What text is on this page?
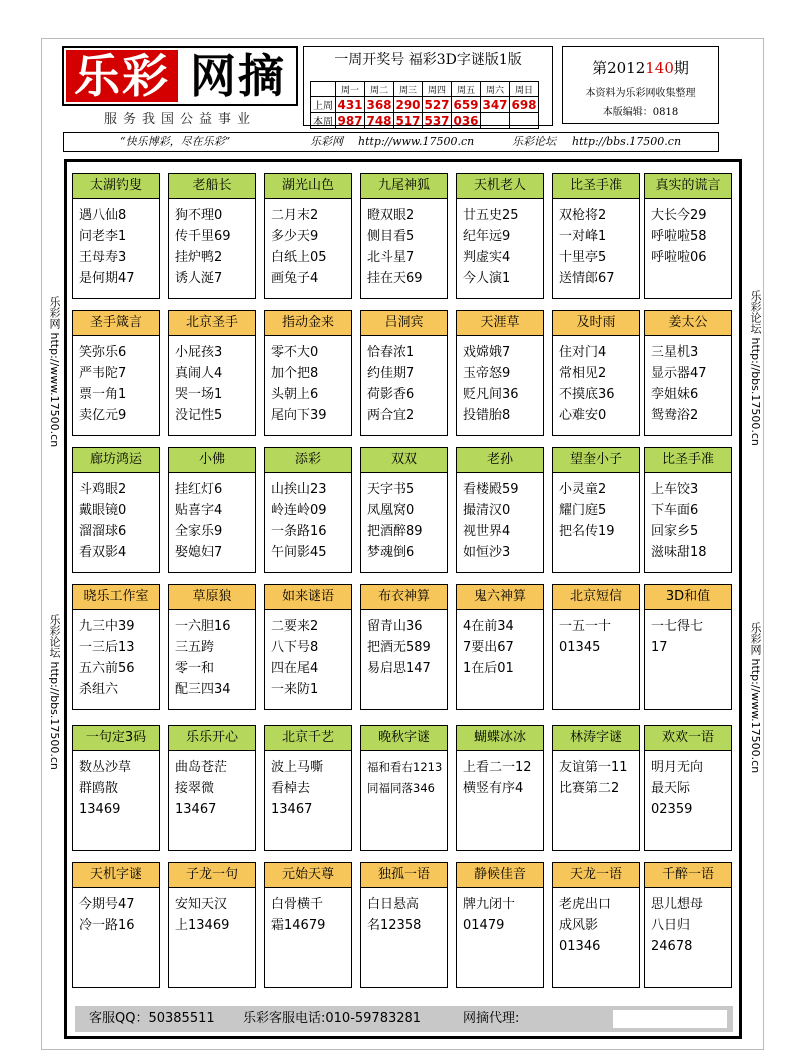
乐彩 网摘
服务我国公益事业
一周开奖号 福彩3D字谜版1版
	周一	周二	周三	周四	周五	周六	周日
上周	431	368	290	527	659	347	698
本周	987	748	517	537	036		
第2012140期
本资料为乐彩网收集整理
本版编辑：0818
“快乐博彩，尽在乐彩”	乐彩网 http://www.17500.cn	乐彩论坛 http://bbs.17500.cn
乐彩网 http://www.17500.cn
乐彩论坛 http://bbs.17500.cn
乐彩论坛 http://bbs.17500.cn
乐彩网 http://www.17500.cn
太湖钓叟
遇八仙8
问老李1
王母寿3
是何期47
老船长
狗不理0
传千里69
挂炉鸭2
诱人涎7
湖光山色
二月末2
多少天9
白纸上05
画兔子4
九尾神狐
瞪双眼2
侧目看5
北斗星7
挂在天69
天机老人
廿五史25
纪年远9
判虚实4
今人演1
比圣手准
双枪将2
一对峰1
十里亭5
送情郎67
真实的谎言
大长今29
呼啦啦58
呼啦啦06
圣手箴言
笑弥乐6
严韦陀7
票一角1
卖亿元9
北京圣手
小屁孩3
真闹人4
哭一场1
没记性5
指动金来
零不大0
加个把8
头朝上6
尾向下39
吕洞宾
恰春浓1
约佳期7
荷影香6
两合宜2
天涯草
戏嫦娥7
玉帝怒9
贬凡间36
投错胎8
及时雨
住对门4
常相见2
不摸底36
心难安0
姜太公
三星机3
显示器47
孪姐妹6
鸳鸯浴2
廊坊鸿运
斗鸡眼2
戴眼镜0
溜溜球6
看双影4
小佛
挂红灯6
贴喜字4
全家乐9
娶媳妇7
添彩
山挨山23
岭连岭09
一条路16
午间影45
双双
天字书5
凤凰窝0
把酒醉89
梦魂倒6
老孙
看楼殿59
撮清汉0
视世界4
如恒沙3
望奎小子
小灵童2
耀门庭5
把名传19
比圣手准
上车饺3
下车面6
回家乡5
滋味甜18
晓乐工作室
九三中39
一三后13
五六前56
杀组六
草原狼
一六胆16
三五跨
零一和
配三四34
如来谜语
二要来2
八下号8
四在尾4
一来防1
布衣神算
留青山36
把酒无589
易启思147
鬼六神算
4在前34
7要出67
1在后01
北京短信
一五一十
01345
3D和值
一七得七
17
一句定3码
数丛沙草
群鸥散
13469
乐乐开心
曲岛苍茫
接翠微
13467
北京千艺
波上马嘶
看棹去
13467
晚秋字谜
福和看右1213
同福同落346
蝴蝶冰冰
上看二一12
横竖有序4
林涛字谜
友谊第一11
比赛第二2
欢欢一语
明月无向
最天际
02359
天机字谜
今期号47
冷一路16
子龙一句
安知天汉
上13469
元始天尊
白骨横千
霜14679
独孤一语
白日悬高
名12358
静候佳音
牌九闭十
01479
天龙一语
老虎出口
成风影
01346
千醉一语
思儿想母
八日归
24678
客服QQ：50385511 乐彩客服电话:010-59783281	网摘代理:
